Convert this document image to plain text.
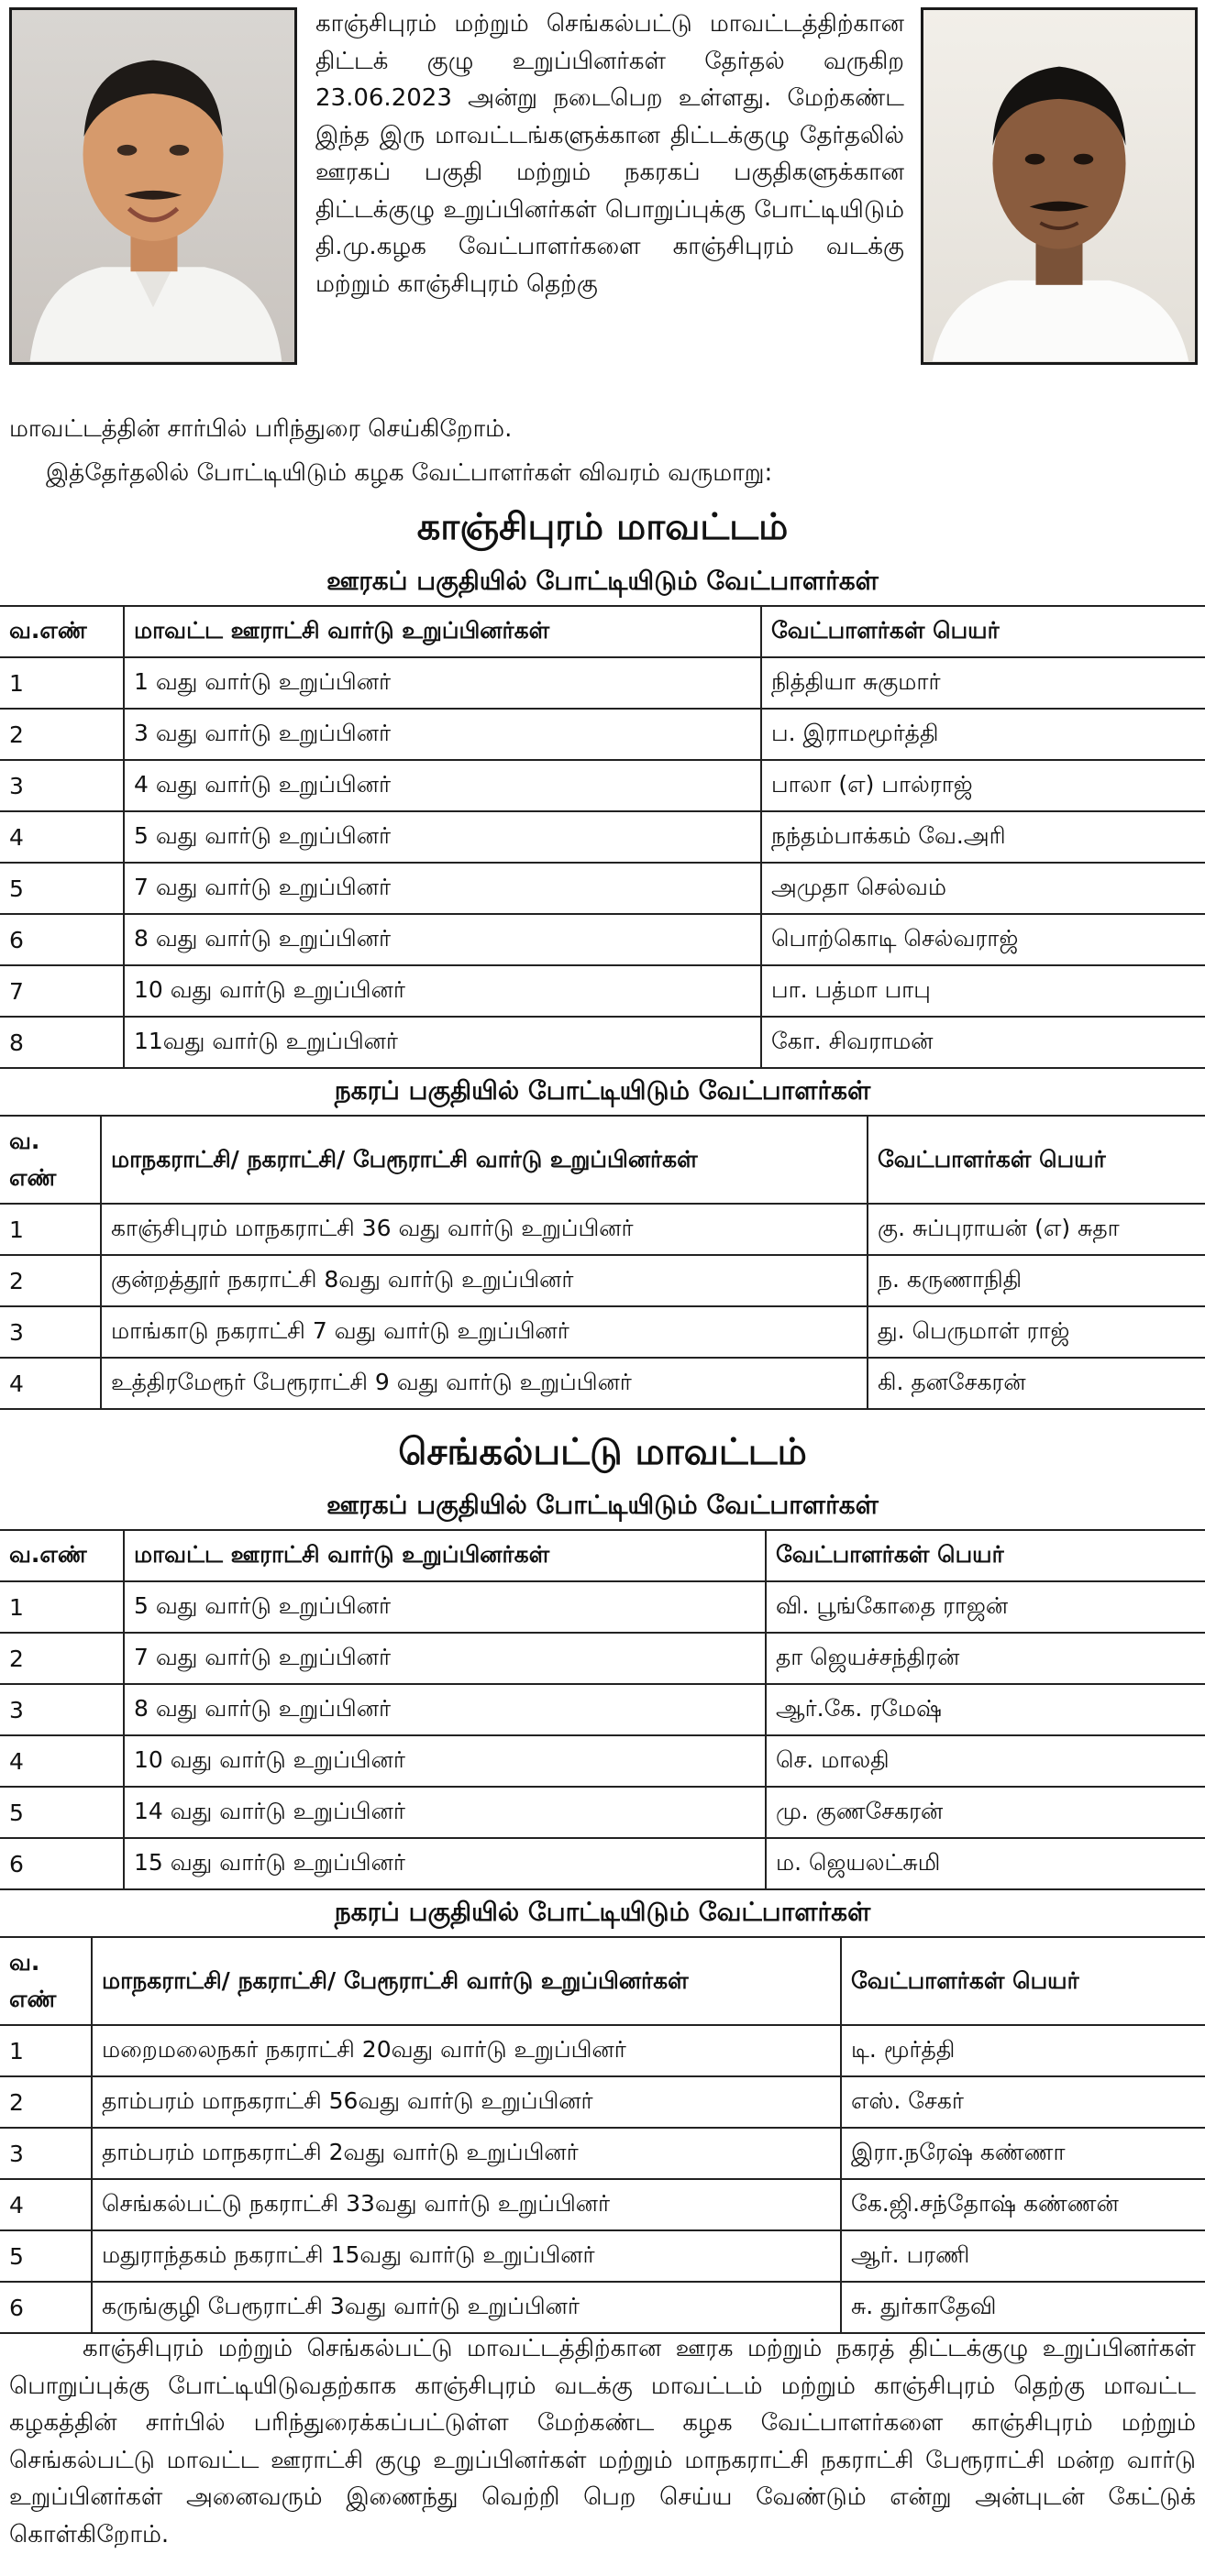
காஞ்சிபுரம் மற்றும் செங்கல்பட்டு மாவட்டத்திற்கான திட்டக் குழு உறுப்பினர்கள் தேர்தல் வருகிற 23.06.2023 அன்று நடைபெற உள்ளது. மேற்கண்ட இந்த இரு மாவட்டங்களுக்கான திட்டக்குழு தேர்தலில் ஊரகப் பகுதி மற்றும் நகரகப் பகுதிகளுக்கான திட்டக்குழு உறுப்பினர்கள் பொறுப்புக்கு போட்டியிடும் தி.மு.கழக வேட்பாளர்களை காஞ்சிபுரம் வடக்கு மற்றும் காஞ்சிபுரம் தெற்கு
மாவட்டத்தின் சார்பில் பரிந்துரை செய்கிறோம்.
இத்தேர்தலில் போட்டியிடும் கழக வேட்பாளர்கள் விவரம் வருமாறு:
காஞ்சிபுரம் மாவட்டம்
ஊரகப் பகுதியில் போட்டியிடும் வேட்பாளர்கள்
வ.எண்	மாவட்ட ஊராட்சி வார்டு உறுப்பினர்கள்	வேட்பாளர்கள் பெயர்
1	1 வது வார்டு உறுப்பினர்	நித்தியா சுகுமார்
2	3 வது வார்டு உறுப்பினர்	ப. இராமமூர்த்தி
3	4 வது வார்டு உறுப்பினர்	பாலா (எ) பால்ராஜ்
4	5 வது வார்டு உறுப்பினர்	நந்தம்பாக்கம் வே.அரி
5	7 வது வார்டு உறுப்பினர்	அமுதா செல்வம்
6	8 வது வார்டு உறுப்பினர்	பொற்கொடி செல்வராஜ்
7	10 வது வார்டு உறுப்பினர்	பா. பத்மா பாபு
8	11வது வார்டு உறுப்பினர்	கோ. சிவராமன்
நகரப் பகுதியில் போட்டியிடும் வேட்பாளர்கள்
வ. எண்	மாநகராட்சி/ நகராட்சி/ பேரூராட்சி வார்டு உறுப்பினர்கள்	வேட்பாளர்கள் பெயர்
1	காஞ்சிபுரம் மாநகராட்சி 36 வது வார்டு உறுப்பினர்	கு. சுப்புராயன் (எ) சுதா
2	குன்றத்தூர் நகராட்சி 8வது வார்டு உறுப்பினர்	ந. கருணாநிதி
3	மாங்காடு நகராட்சி 7 வது வார்டு உறுப்பினர்	து. பெருமாள் ராஜ்
4	உத்திரமேரூர் பேரூராட்சி 9 வது வார்டு உறுப்பினர்	கி. தனசேகரன்
செங்கல்பட்டு மாவட்டம்
ஊரகப் பகுதியில் போட்டியிடும் வேட்பாளர்கள்
வ.எண்	மாவட்ட ஊராட்சி வார்டு உறுப்பினர்கள்	வேட்பாளர்கள் பெயர்
1	5 வது வார்டு உறுப்பினர்	வி. பூங்கோதை ராஜன்
2	7 வது வார்டு உறுப்பினர்	தா ஜெயச்சந்திரன்
3	8 வது வார்டு உறுப்பினர்	ஆர்.கே. ரமேஷ்
4	10 வது வார்டு உறுப்பினர்	செ. மாலதி
5	14 வது வார்டு உறுப்பினர்	மு. குணசேகரன்
6	15 வது வார்டு உறுப்பினர்	ம. ஜெயலட்சுமி
நகரப் பகுதியில் போட்டியிடும் வேட்பாளர்கள்
வ. எண்	மாநகராட்சி/ நகராட்சி/ பேரூராட்சி வார்டு உறுப்பினர்கள்	வேட்பாளர்கள் பெயர்
1	மறைமலைநகர் நகராட்சி 20வது வார்டு உறுப்பினர்	டி. மூர்த்தி
2	தாம்பரம் மாநகராட்சி 56வது வார்டு உறுப்பினர்	எஸ். சேகர்
3	தாம்பரம் மாநகராட்சி 2வது வார்டு உறுப்பினர்	இரா.நரேஷ் கண்ணா
4	செங்கல்பட்டு நகராட்சி 33வது வார்டு உறுப்பினர்	கே.ஜி.சந்தோஷ் கண்ணன்
5	மதுராந்தகம் நகராட்சி 15வது வார்டு உறுப்பினர்	ஆர். பரணி
6	கருங்குழி பேரூராட்சி 3வது வார்டு உறுப்பினர்	சு. துர்காதேவி
காஞ்சிபுரம் மற்றும் செங்கல்பட்டு மாவட்டத்திற்கான ஊரக மற்றும் நகரத் திட்டக்குழு உறுப்பினர்கள் பொறுப்புக்கு போட்டியிடுவதற்காக காஞ்சிபுரம் வடக்கு மாவட்டம் மற்றும் காஞ்சிபுரம் தெற்கு மாவட்ட கழகத்தின் சார்பில் பரிந்துரைக்கப்பட்டுள்ள மேற்கண்ட கழக வேட்பாளர்களை காஞ்சிபுரம் மற்றும் செங்கல்பட்டு மாவட்ட ஊராட்சி குழு உறுப்பினர்கள் மற்றும் மாநகராட்சி நகராட்சி பேரூராட்சி மன்ற வார்டு உறுப்பினர்கள் அனைவரும் இணைந்து வெற்றி பெற செய்ய வேண்டும் என்று அன்புடன் கேட்டுக் கொள்கிறோம்.
